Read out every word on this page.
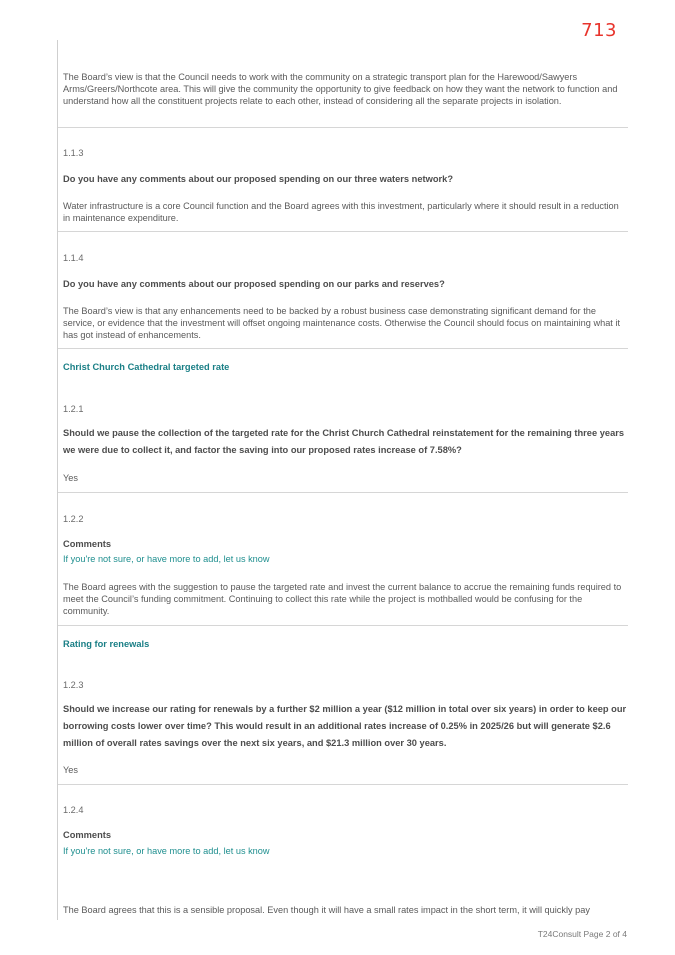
713

The Board’s view is that the Council needs to work with the community on a strategic transport plan for the Harewood/Sawyers Arms/Greers/Northcote area. This will give the community the opportunity to give feedback on how they want the network to function and understand how all the constituent projects relate to each other, instead of considering all the separate projects in isolation.

1.1.3

Do you have any comments about our proposed spending on our three waters network?

Water infrastructure is a core Council function and the Board agrees with this investment, particularly where it should result in a reduction in maintenance expenditure.

1.1.4

Do you have any comments about our proposed spending on our parks and reserves?

The Board’s view is that any enhancements need to be backed by a robust business case demonstrating significant demand for the service, or evidence that the investment will offset ongoing maintenance costs. Otherwise the Council should focus on maintaining what it has got instead of enhancements.

Christ Church Cathedral targeted rate

1.2.1

Should we pause the collection of the targeted rate for the Christ Church Cathedral reinstatement for the remaining three years we were due to collect it, and factor the saving into our proposed rates increase of 7.58%?

Yes

1.2.2

Comments

If you're not sure, or have more to add, let us know

The Board agrees with the suggestion to pause the targeted rate and invest the current balance to accrue the remaining funds required to meet the Council’s funding commitment. Continuing to collect this rate while the project is mothballed would be confusing for the community.

Rating for renewals

1.2.3

Should we increase our rating for renewals by a further $2 million a year ($12 million in total over six years) in order to keep our borrowing costs lower over time? This would result in an additional rates increase of 0.25% in 2025/26 but will generate $2.6 million of overall rates savings over the next six years, and $21.3 million over 30 years.

Yes

1.2.4

Comments

If you're not sure, or have more to add, let us know

The Board agrees that this is a sensible proposal. Even though it will have a small rates impact in the short term, it will quickly pay

T24Consult Page 2 of 4
